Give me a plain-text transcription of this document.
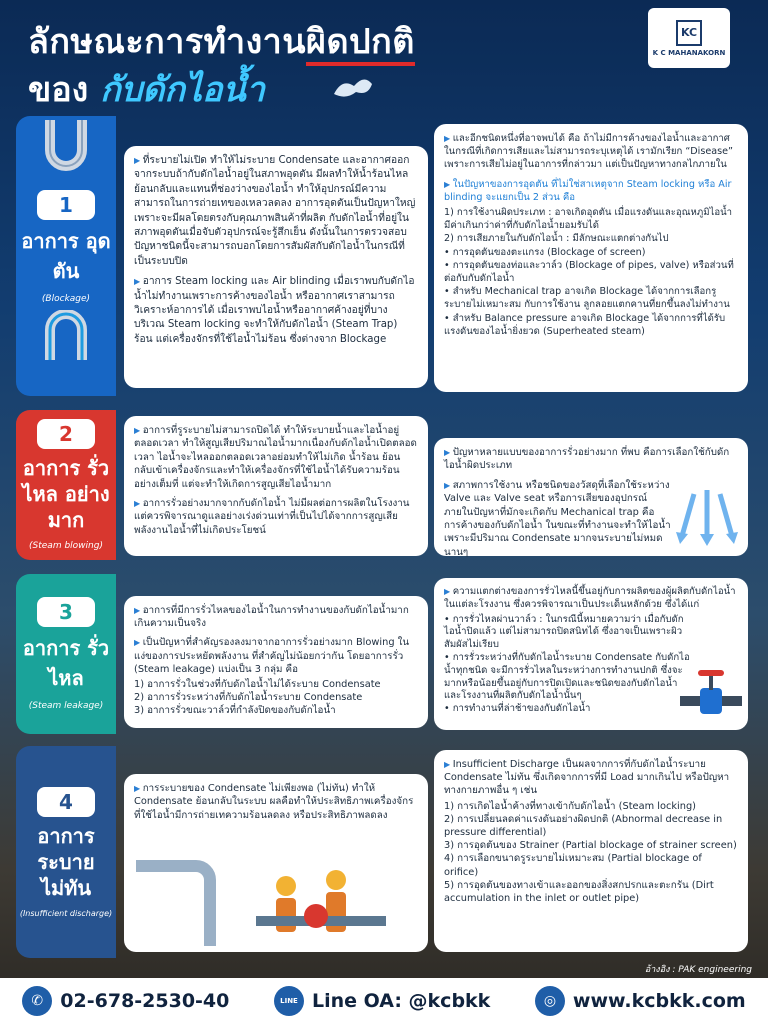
ลักษณะการทำงานผิดปกติ
ของ กับดักไอน้ำ
KC
K C MAHANAKORN
1
อาการ อุดตัน
(Blockage)

▶ ที่ระบายไม่เปิด ทำให้ไม่ระบาย Condensate และอากาศออกจากระบบถ้ากับดักไอน้ำอยู่ในสภาพอุดตัน มีผลทำให้น้ำร้อนไหลย้อนกลับและแทนที่ช่องว่างของไอน้ำ ทำให้อุปกรณ์มีความสามารถในการถ่ายเทของเหลวลดลง อาการอุดตันเป็นปัญหาใหญ่ เพราะจะมีผลโดยตรงกับคุณภาพสินค้าที่ผลิต กับดักไอน้ำที่อยู่ในสภาพอุดตันเมื่อจับตัวอุปกรณ์จะรู้สึกเย็น ดังนั้นในการตรวจสอบปัญหาชนิดนี้จะสามารถบอกโดยการสัมผัสกับดักไอน้ำในกรณีที่เป็นระบบปิด

▶ อาการ Steam locking และ Air blinding เมื่อเราพบกับดักไอน้ำไม่ทำงานเพราะการค้างของไอน้ำ หรืออากาศเราสามารถวิเคราะห์อาการได้ เมื่อเราพบไอน้ำหรืออากาศค้างอยู่ที่บางบริเวณ Steam locking จะทำให้กับดักไอน้ำ (Steam Trap) ร้อน แต่เครื่องจักรที่ใช้ไอน้ำไม่ร้อน ซึ่งต่างจาก Blockage

▶ และอีกชนิดหนึ่งที่อาจพบได้ คือ ถ้าไม่มีการค้างของไอน้ำและอากาศ ในกรณีที่เกิดการเสียและไม่สามารถระบุเหตุได้ เรามักเรียก “Disease” เพราะการเสียไม่อยู่ในอาการที่กล่าวมา แต่เป็นปัญหาทางกลไกภายใน

▶ ในปัญหาของการอุดตัน ที่ไม่ใช่สาเหตุจาก Steam locking หรือ Air blinding จะแยกเป็น 2 ส่วน คือ

1) การใช้งานผิดประเภท : อาจเกิดอุดตัน เมื่อแรงดันและอุณหภูมิไอน้ำมีค่าเกินกว่าค่าที่กับดักไอน้ำยอมรับได้
2) การเสียภายในกับดักไอน้ำ : มีลักษณะแตกต่างกันไป
• การอุดตันของตะแกรง (Blockage of screen)
• การอุดตันของท่อและวาล์ว (Blockage of pipes, valve) หรือส่วนที่ต่อกับกับดักไอน้ำ
• สำหรับ Mechanical trap อาจเกิด Blockage ได้จากการเลือกรูระบายไม่เหมาะสม กับการใช้งาน ลูกลอยแตกคานที่ยกขึ้นลงไม่ทำงาน
• สำหรับ Balance pressure อาจเกิด Blockage ได้จากการที่ได้รับแรงดันของไอน้ำยิ่งยวด (Superheated steam)
2
อาการ รั่วไหล อย่างมาก
(Steam blowing)

▶ อาการที่รูระบายไม่สามารถปิดได้ ทำให้ระบายน้ำและไอน้ำอยู่ตลอดเวลา ทำให้สูญเสียปริมาณไอน้ำมากเนื่องกับดักไอน้ำเปิดตลอดเวลา ไอน้ำจะไหลออกตลอดเวลาอย่อมทำให้ไม่เกิด น้ำร้อน ย้อนกลับเข้าเครื่องจักรและทำให้เครื่องจักรที่ใช้ไอน้ำได้รับความร้อนอย่างเต็มที่ แต่จะทำให้เกิดการสูญเสียไอน้ำมาก

▶ อาการรั่วอย่างมากจากกับดักไอน้ำ ไม่มีผลต่อการผลิตในโรงงาน แต่ควรพิจารณาดูแลอย่างเร่งด่วนเท่าที่เป็นไปได้จากการสูญเสียพลังงานไอน้ำที่ไม่เกิดประโยชน์

▶ ปัญหาหลายแบบของอาการรั่วอย่างมาก ที่พบ คือการเลือกใช้กับดักไอน้ำผิดประเภท

▶ สภาพการใช้งาน หรือชนิดของวัสดุที่เลือกใช้ระหว่าง Valve และ Valve seat หรือการเสียของอุปกรณ์ภายในปัญหาที่มักจะเกิดกับ Mechanical trap คือ การค้างของกับดักไอน้ำ ในขณะที่ทำงานจะทำให้ไอน้ำเพราะมีปริมาณ Condensate มากจนระบายไม่หมดนานๆ

3
อาการ รั่วไหล
(Steam leakage)

▶ อาการที่มีการรั่วไหลของไอน้ำในการทำงานของกับดักไอน้ำมากเกินความเป็นจริง

▶ เป็นปัญหาที่สำคัญรองลงมาจากอาการรั่วอย่างมาก Blowing ในแง่ของการประหยัดพลังงาน ที่สำคัญไม่น้อยกว่ากัน โดยอาการรั่ว (Steam leakage) แบ่งเป็น 3 กลุ่ม คือ

1) อาการรั่วในช่วงที่กับดักไอน้ำไม่ได้ระบาย Condensate
2) อาการรั่วระหว่างที่กับดักไอน้ำระบาย Condensate
3) อาการรั่วขณะวาล์วที่กำลังปิดของกับดักไอน้ำ

▶ ความแตกต่างของการรั่วไหลนี้ขึ้นอยู่กับการผลิตของผู้ผลิตกับดักไอน้ำในแต่ละโรงงาน ซึ่งควรพิจารณาเป็นประเด็นหลักด้วย ซึ่งได้แก่

• การรั่วไหลผ่านวาล์ว : ในกรณีนี้หมายความว่า เมื่อกับดักไอน้ำปิดแล้ว แต่ไม่สามารถปิดสนิทได้ ซึ่งอาจเป็นเพราะผิวสัมผัสไม่เรียบ
• การรั่วระหว่างที่กับดักไอน้ำระบาย Condensate กับดักไอน้ำทุกชนิด จะมีการรั่วไหลในระหว่างการทำงานปกติ ซึ่งจะมากหรือน้อยขึ้นอยู่กับการปิดเปิดและชนิดของกับดักไอน้ำ และโรงงานที่ผลิตกับดักไอน้ำนั้นๆ
• การทำงานที่ล่าช้าของกับดักไอน้ำ
4
อาการ ระบาย ไม่ทัน
(Insufficient discharge)

▶ การระบายของ Condensate ไม่เพียงพอ (ไม่ทัน) ทำให้ Condensate ย้อนกลับในระบบ ผลคือทำให้ประสิทธิภาพเครื่องจักรที่ใช้ไอน้ำมีการถ่ายเทความร้อนลดลง หรือประสิทธิภาพลดลง

▶ Insufficient Discharge เป็นผลจากการที่กับดักไอน้ำระบาย Condensate ไม่ทัน ซึ่งเกิดจากการที่มี Load มากเกินไป หรือปัญหาทางกายภาพอื่น ๆ เช่น

1) การเกิดไอน้ำค้างที่ทางเข้ากับดักไอน้ำ (Steam locking)
2) การเปลี่ยนลดค่าแรงดันอย่างผิดปกติ (Abnormal decrease in pressure differential)
3) การอุดตันของ Strainer (Partial blockage of strainer screen)
4) การเลือกขนาดรูระบายไม่เหมาะสม (Partial blockage of orifice)
5) การอุดตันของทางเข้าและออกของสิ่งสกปรกและตะกรัน (Dirt accumulation in the inlet or outlet pipe)
อ้างอิง : PAK engineering
✆ 02-678-2530-40	LINE Line OA: @kcbkk	◎ www.kcbkk.com
